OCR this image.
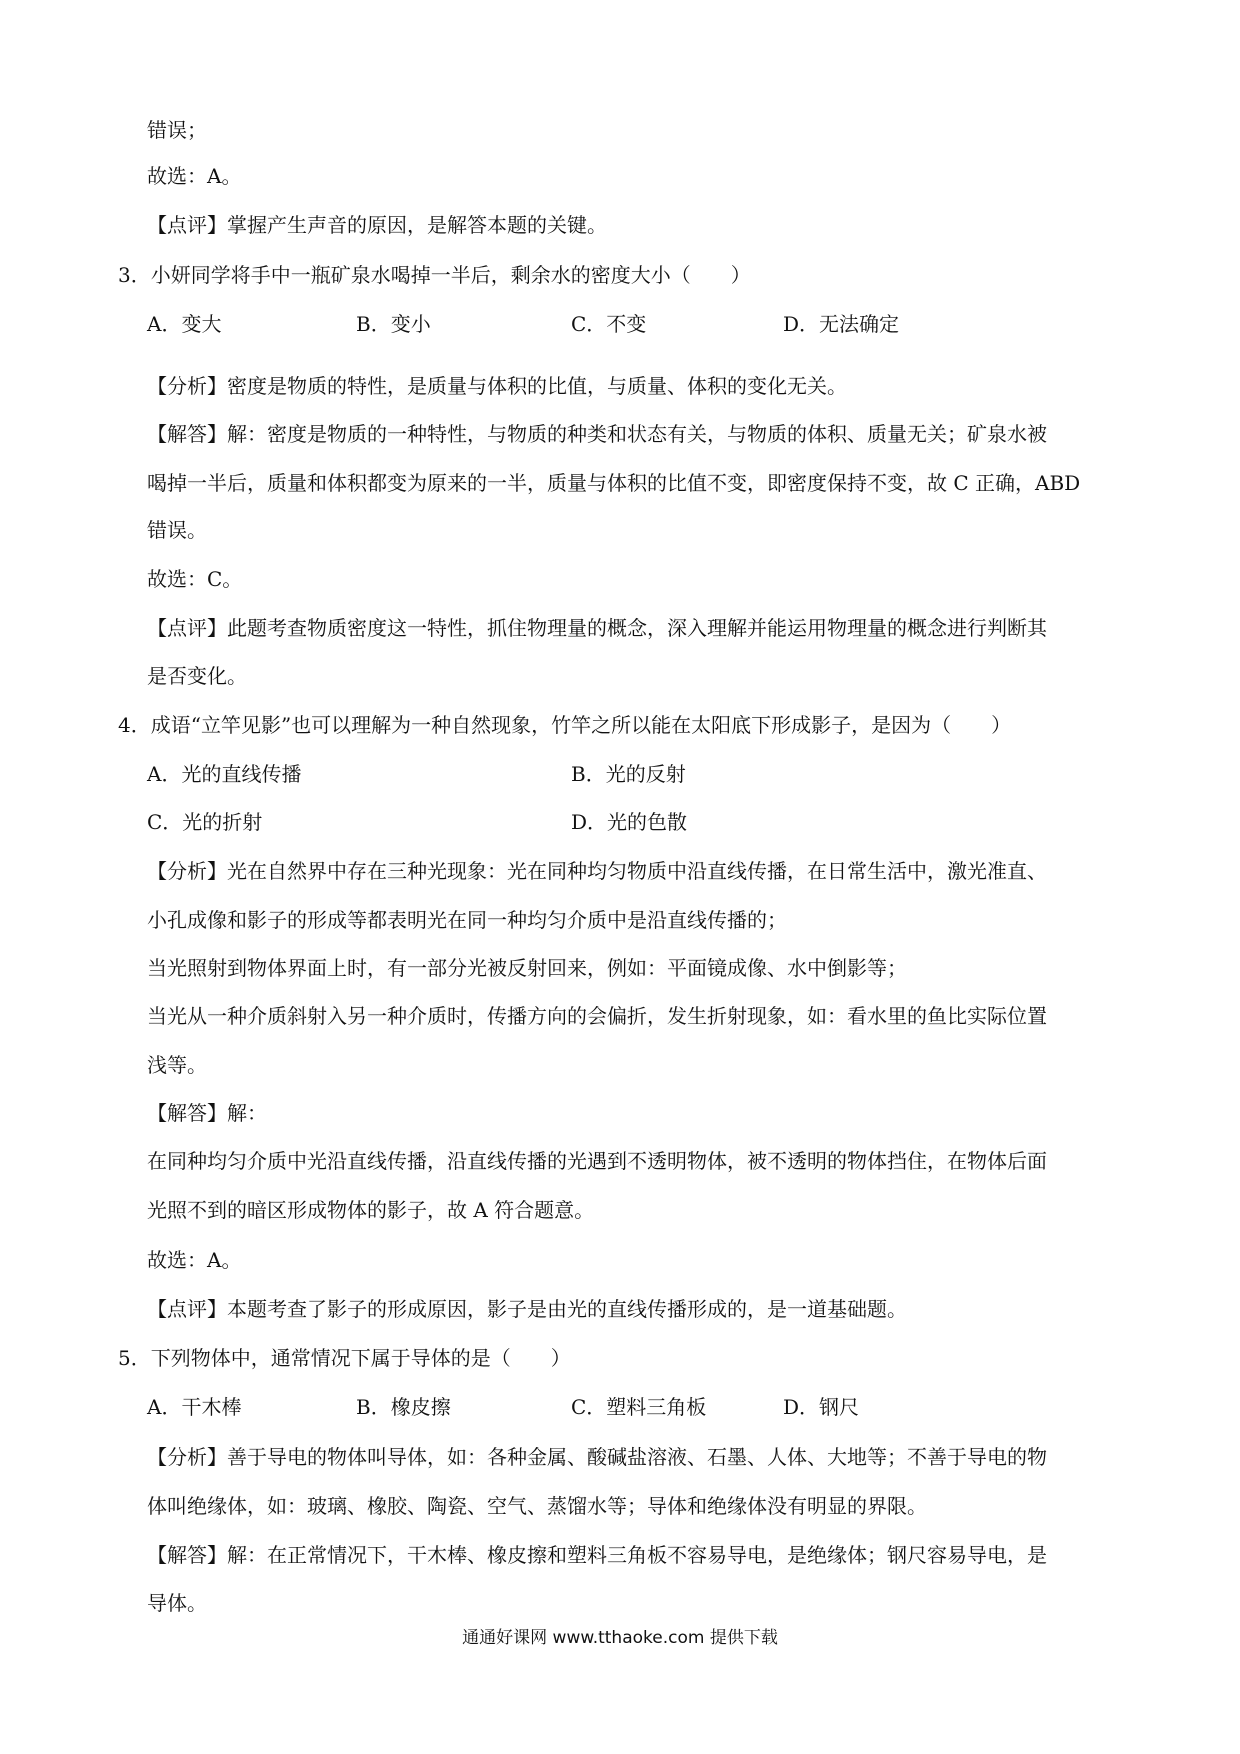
错误；
故选：A。
【点评】掌握产生声音的原因，是解答本题的关键。
3．小妍同学将手中一瓶矿泉水喝掉一半后，剩余水的密度大小（　　）
A．变大	B．变小	C．不变	D．无法确定
【分析】密度是物质的特性，是质量与体积的比值，与质量、体积的变化无关。
【解答】解：密度是物质的一种特性，与物质的种类和状态有关，与物质的体积、质量无关；矿泉水被
喝掉一半后，质量和体积都变为原来的一半，质量与体积的比值不变，即密度保持不变，故 C 正确，ABD
错误。
故选：C。
【点评】此题考查物质密度这一特性，抓住物理量的概念，深入理解并能运用物理量的概念进行判断其
是否变化。
4．成语“立竿见影”也可以理解为一种自然现象，竹竿之所以能在太阳底下形成影子，是因为（　　）
A．光的直线传播	B．光的反射
C．光的折射	D．光的色散
【分析】光在自然界中存在三种光现象：光在同种均匀物质中沿直线传播，在日常生活中，激光准直、
小孔成像和影子的形成等都表明光在同一种均匀介质中是沿直线传播的；
当光照射到物体界面上时，有一部分光被反射回来，例如：平面镜成像、水中倒影等；
当光从一种介质斜射入另一种介质时，传播方向的会偏折，发生折射现象，如：看水里的鱼比实际位置
浅等。
【解答】解：
在同种均匀介质中光沿直线传播，沿直线传播的光遇到不透明物体，被不透明的物体挡住，在物体后面
光照不到的暗区形成物体的影子，故 A 符合题意。
故选：A。
【点评】本题考查了影子的形成原因，影子是由光的直线传播形成的，是一道基础题。
5．下列物体中，通常情况下属于导体的是（　　）
A．干木棒	B．橡皮擦	C．塑料三角板	D．钢尺
【分析】善于导电的物体叫导体，如：各种金属、酸碱盐溶液、石墨、人体、大地等；不善于导电的物
体叫绝缘体，如：玻璃、橡胶、陶瓷、空气、蒸馏水等；导体和绝缘体没有明显的界限。
【解答】解：在正常情况下，干木棒、橡皮擦和塑料三角板不容易导电，是绝缘体；钢尺容易导电，是
导体。
通通好课网 www.tthaoke.com 提供下载
